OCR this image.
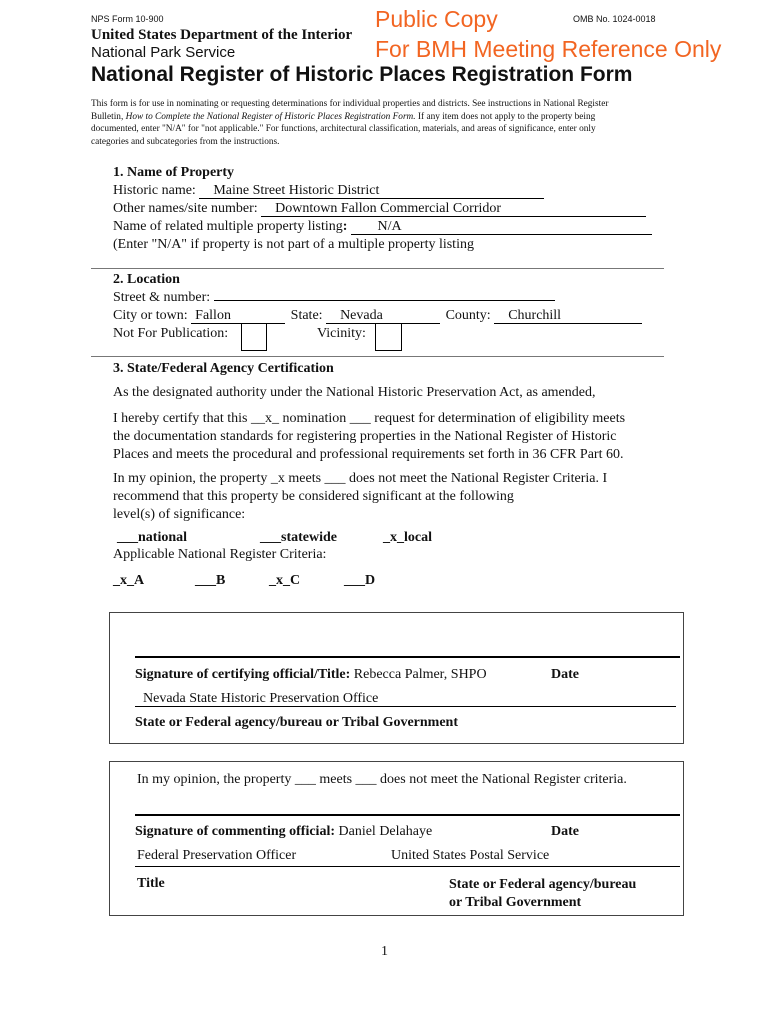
NPS Form 10-900	OMB No. 1024-0018
United States Department of the Interior
National Park Service
Public Copy
For BMH Meeting Reference Only
National Register of Historic Places Registration Form
This form is for use in nominating or requesting determinations for individual properties and districts. See instructions in National Register
Bulletin, How to Complete the National Register of Historic Places Registration Form. If any item does not apply to the property being
documented, enter "N/A" for "not applicable." For functions, architectural classification, materials, and areas of significance, enter only
categories and subcategories from the instructions.
1. Name of Property
Historic name: Maine Street Historic District
Other names/site number: Downtown Fallon Commercial Corridor
Name of related multiple property listing: N/A
(Enter "N/A" if property is not part of a multiple property listing
2. Location
Street & number:
City or town: Fallon	State: Nevada	County: Churchill
Not For Publication:	Vicinity:
3. State/Federal Agency Certification
As the designated authority under the National Historic Preservation Act, as amended,
I hereby certify that this __x_ nomination ___ request for determination of eligibility meets
the documentation standards for registering properties in the National Register of Historic
Places and meets the procedural and professional requirements set forth in 36 CFR Part 60.
In my opinion, the property _x meets ___ does not meet the National Register Criteria. I
recommend that this property be considered significant at the following
level(s) of significance:
___national	___statewide	_x_local
Applicable National Register Criteria:
_x_A	___B	_x_C	___D
Signature of certifying official/Title: Rebecca Palmer, SHPO	Date
Nevada State Historic Preservation Office
State or Federal agency/bureau or Tribal Government
In my opinion, the property ___ meets ___ does not meet the National Register criteria.
Signature of commenting official: Daniel Delahaye	Date
Federal Preservation Officer	United States Postal Service
Title	State or Federal agency/bureau
or Tribal Government
1
